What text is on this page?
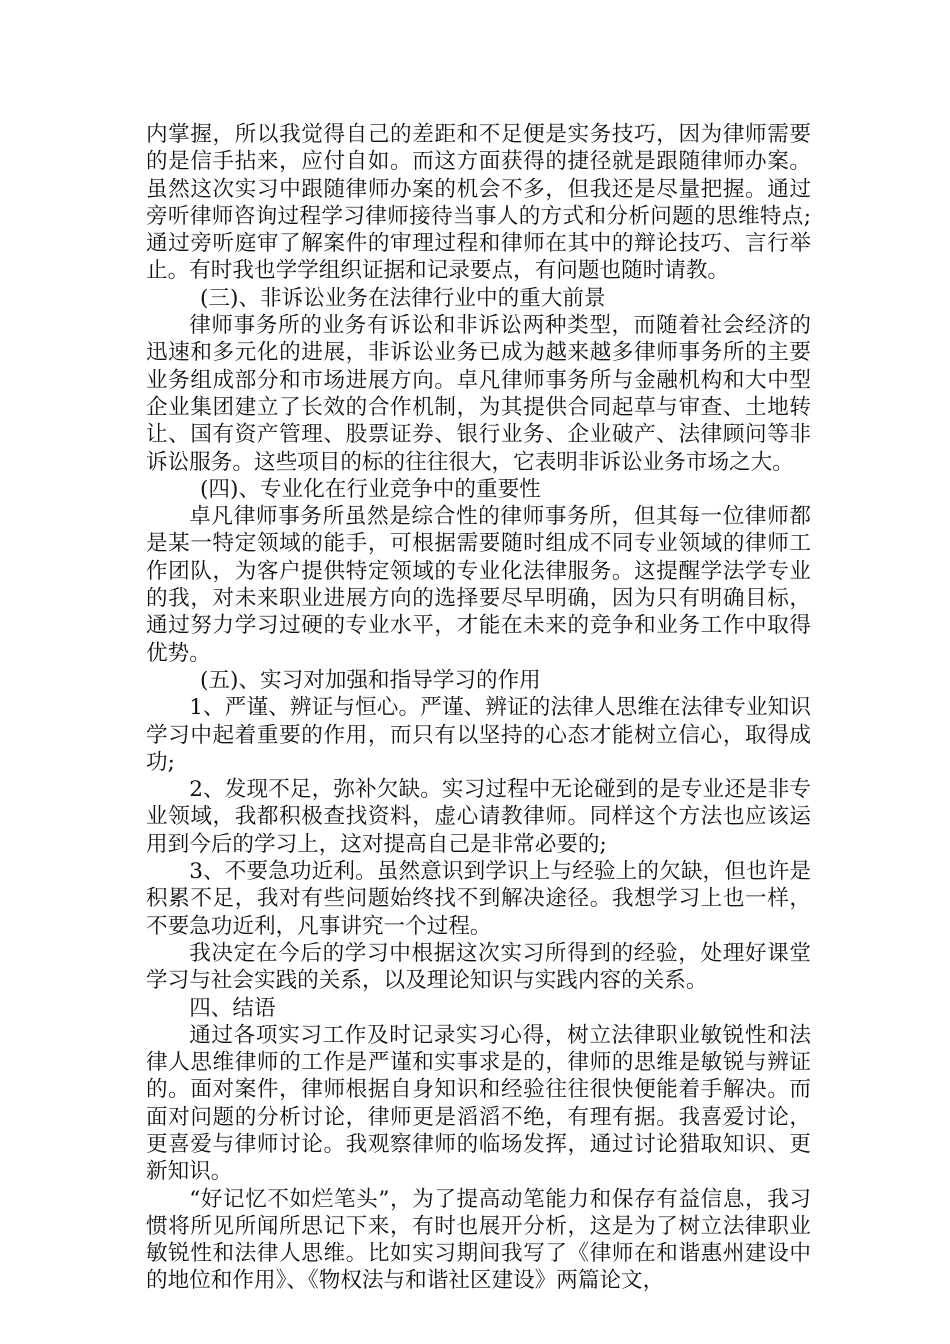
内掌握，所以我觉得自己的差距和不足便是实务技巧，因为律师需要的是信手拈来，应付自如。而这方面获得的捷径就是跟随律师办案。虽然这次实习中跟随律师办案的机会不多，但我还是尽量把握。通过旁听律师咨询过程学习律师接待当事人的方式和分析问题的思维特点;通过旁听庭审了解案件的审理过程和律师在其中的辩论技巧、言行举止。有时我也学学组织证据和记录要点，有问题也随时请教。

(三)、非诉讼业务在法律行业中的重大前景

律师事务所的业务有诉讼和非诉讼两种类型，而随着社会经济的迅速和多元化的进展，非诉讼业务已成为越来越多律师事务所的主要业务组成部分和市场进展方向。卓凡律师事务所与金融机构和大中型企业集团建立了长效的合作机制，为其提供合同起草与审查、土地转让、国有资产管理、股票证券、银行业务、企业破产、法律顾问等非诉讼服务。这些项目的标的往往很大，它表明非诉讼业务市场之大。

(四)、专业化在行业竞争中的重要性

卓凡律师事务所虽然是综合性的律师事务所，但其每一位律师都是某一特定领域的能手，可根据需要随时组成不同专业领域的律师工作团队，为客户提供特定领域的专业化法律服务。这提醒学法学专业的我，对未来职业进展方向的选择要尽早明确，因为只有明确目标，通过努力学习过硬的专业水平，才能在未来的竞争和业务工作中取得优势。

(五)、实习对加强和指导学习的作用

1、严谨、辨证与恒心。严谨、辨证的法律人思维在法律专业知识学习中起着重要的作用，而只有以坚持的心态才能树立信心，取得成功;

2、发现不足，弥补欠缺。实习过程中无论碰到的是专业还是非专业领域，我都积极查找资料，虚心请教律师。同样这个方法也应该运用到今后的学习上，这对提高自己是非常必要的;

3、不要急功近利。虽然意识到学识上与经验上的欠缺，但也许是积累不足，我对有些问题始终找不到解决途径。我想学习上也一样，不要急功近利，凡事讲究一个过程。

我决定在今后的学习中根据这次实习所得到的经验，处理好课堂学习与社会实践的关系，以及理论知识与实践内容的关系。

四、结语

通过各项实习工作及时记录实习心得，树立法律职业敏锐性和法律人思维律师的工作是严谨和实事求是的，律师的思维是敏锐与辨证的。面对案件，律师根据自身知识和经验往往很快便能着手解决。而面对问题的分析讨论，律师更是滔滔不绝，有理有据。我喜爱讨论，更喜爱与律师讨论。我观察律师的临场发挥，通过讨论猎取知识、更新知识。

“好记忆不如烂笔头”，为了提高动笔能力和保存有益信息，我习惯将所见所闻所思记下来，有时也展开分析，这是为了树立法律职业敏锐性和法律人思维。比如实习期间我写了《律师在和谐惠州建设中的地位和作用》、《物权法与和谐社区建设》两篇论文，
